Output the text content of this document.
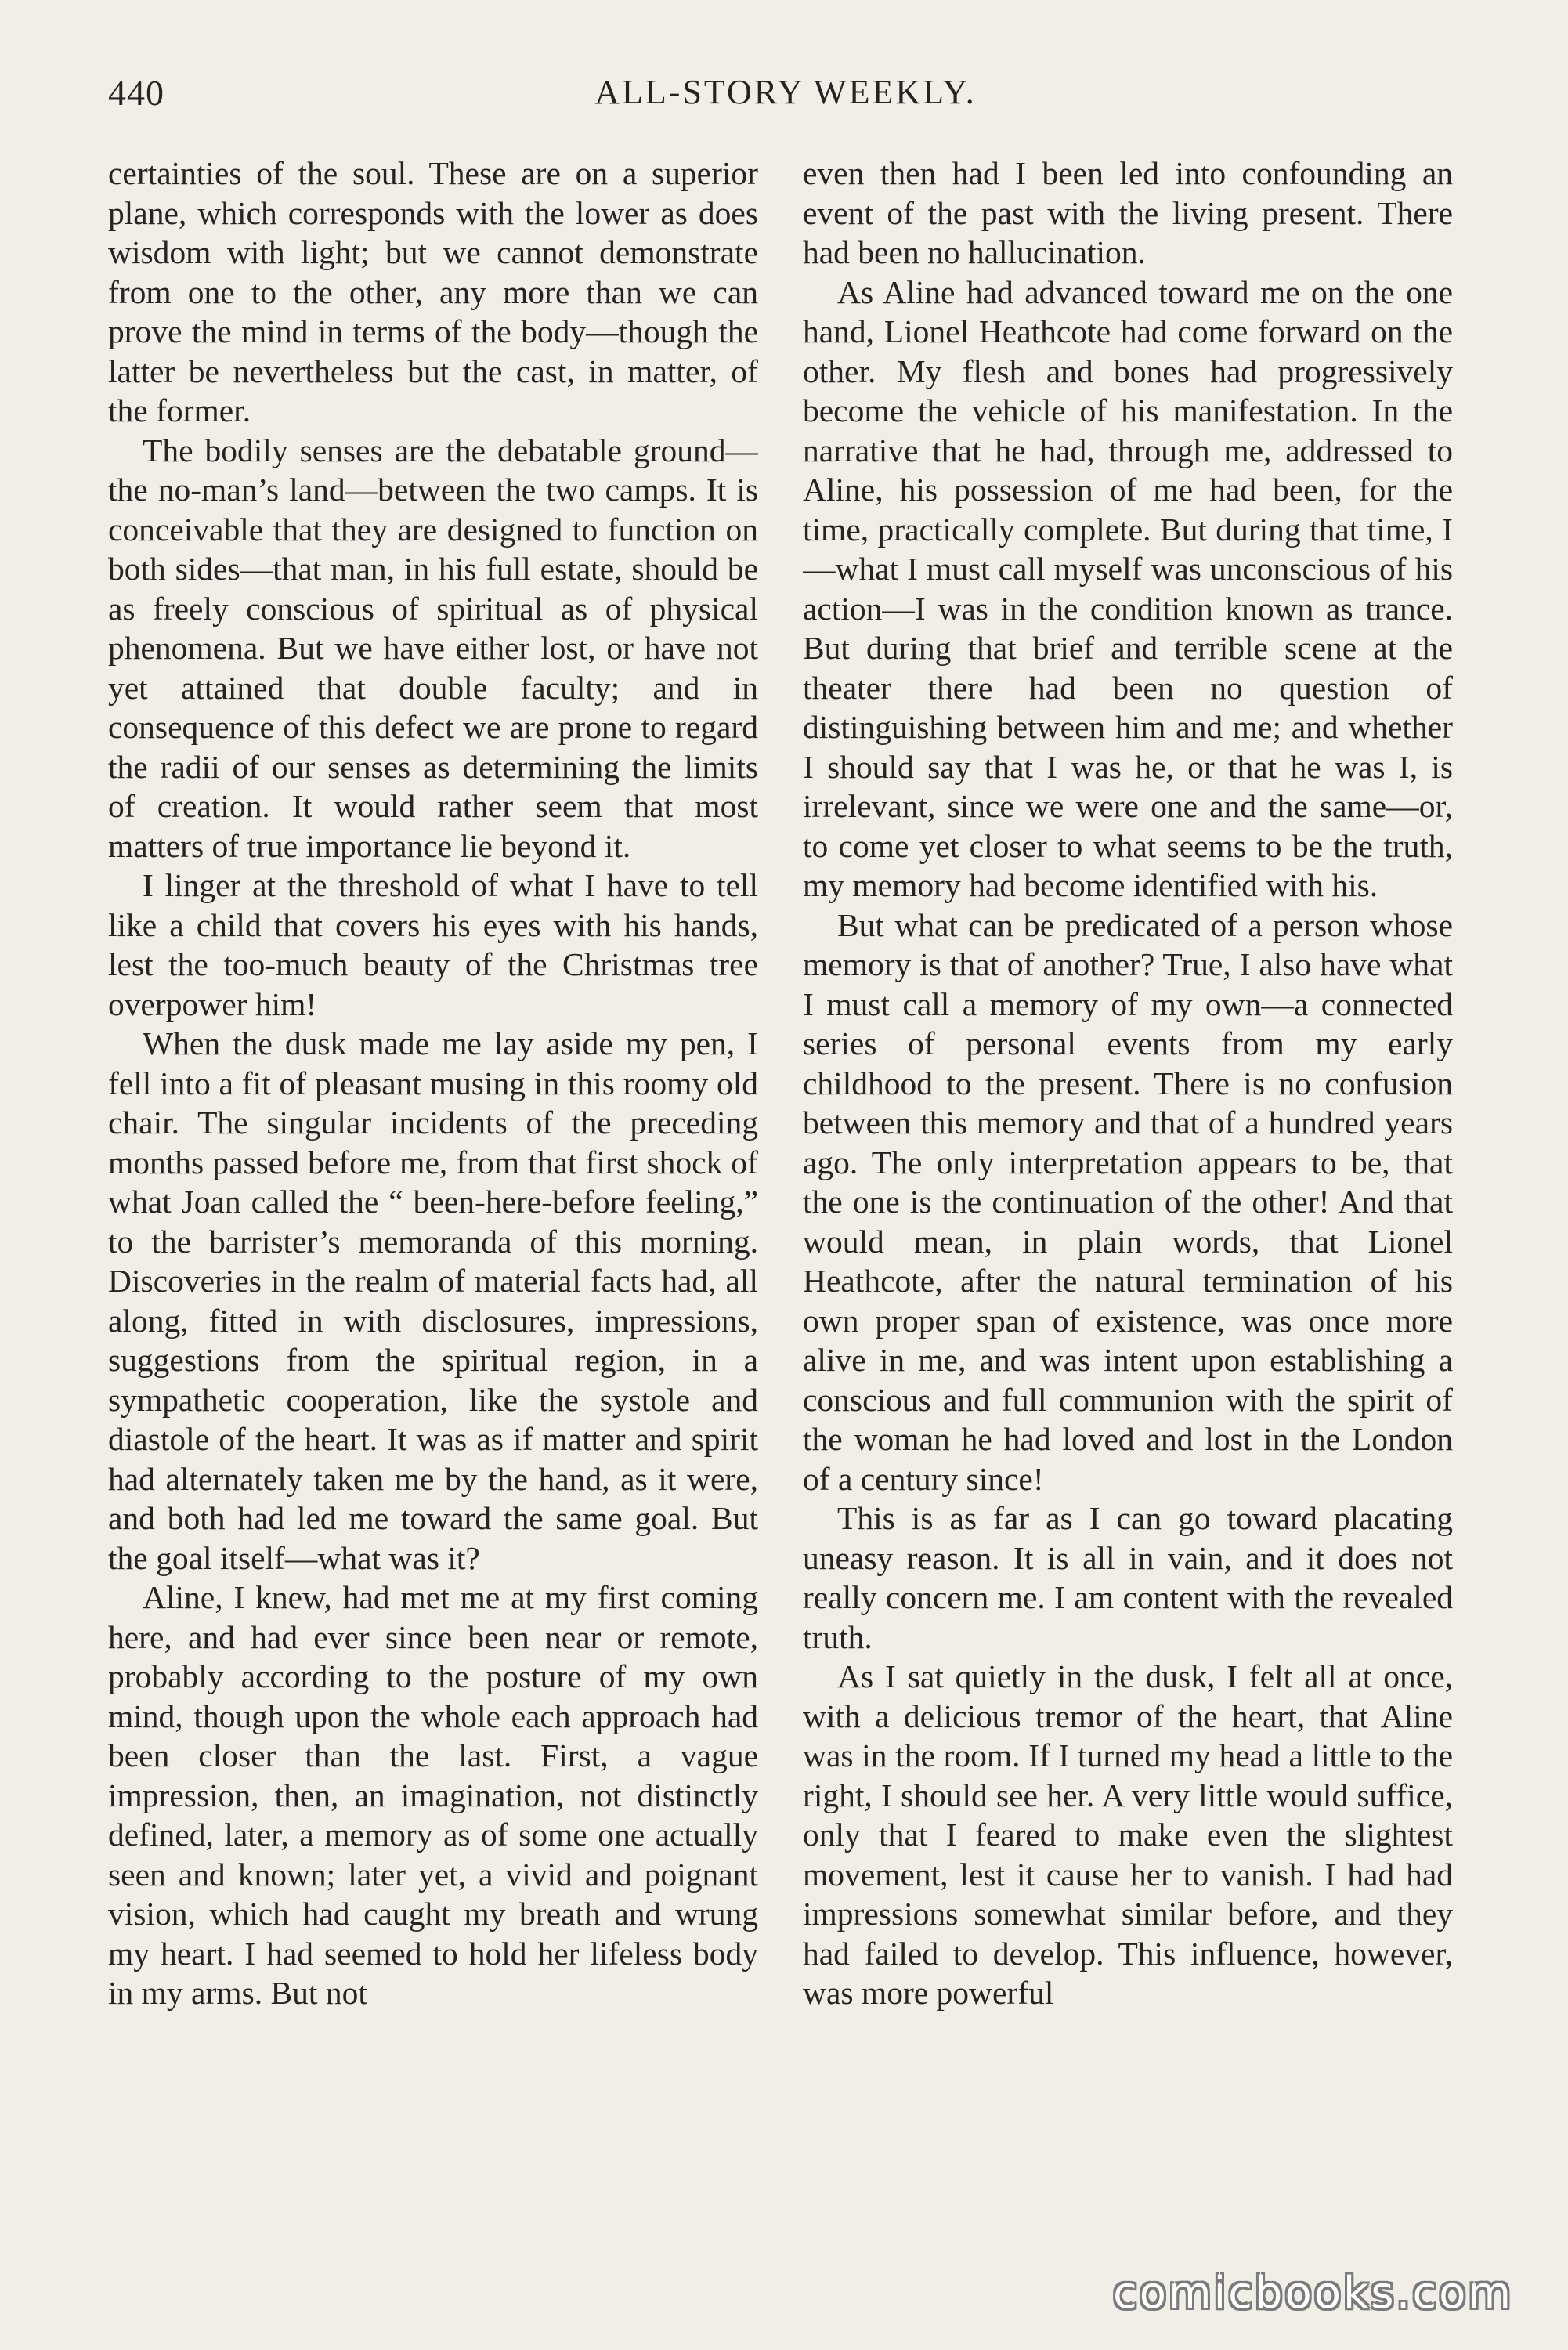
440	ALL-STORY WEEKLY.

certainties of the soul. These are on a superior plane, which corresponds with the lower as does wisdom with light; but we cannot demonstrate from one to the other, any more than we can prove the mind in terms of the body—though the latter be nevertheless but the cast, in matter, of the former.

The bodily senses are the debatable ground—the no-man’s land—between the two camps. It is conceivable that they are designed to function on both sides—that man, in his full estate, should be as freely conscious of spiritual as of physical phenomena. But we have either lost, or have not yet attained that double faculty; and in consequence of this defect we are prone to regard the radii of our senses as determining the limits of creation. It would rather seem that most matters of true importance lie beyond it.

I linger at the threshold of what I have to tell like a child that covers his eyes with his hands, lest the too-much beauty of the Christmas tree overpower him!

When the dusk made me lay aside my pen, I fell into a fit of pleasant musing in this roomy old chair. The singular incidents of the preceding months passed before me, from that first shock of what Joan called the “ been-here-before feeling,” to the barrister’s memoranda of this morning. Discoveries in the realm of material facts had, all along, fitted in with disclosures, impressions, suggestions from the spiritual region, in a sympathetic cooperation, like the systole and diastole of the heart. It was as if matter and spirit had alternately taken me by the hand, as it were, and both had led me toward the same goal. But the goal itself—what was it?

Aline, I knew, had met me at my first coming here, and had ever since been near or remote, probably according to the posture of my own mind, though upon the whole each approach had been closer than the last. First, a vague impression, then, an imagination, not distinctly defined, later, a memory as of some one actually seen and known; later yet, a vivid and poignant vision, which had caught my breath and wrung my heart. I had seemed to hold her lifeless body in my arms. But not

even then had I been led into confounding an event of the past with the living present. There had been no hallucination.

As Aline had advanced toward me on the one hand, Lionel Heathcote had come forward on the other. My flesh and bones had progressively become the vehicle of his manifestation. In the narrative that he had, through me, addressed to Aline, his possession of me had been, for the time, practically complete. But during that time, I—what I must call myself was unconscious of his action—I was in the condition known as trance. But during that brief and terrible scene at the theater there had been no question of distinguishing between him and me; and whether I should say that I was he, or that he was I, is irrelevant, since we were one and the same—or, to come yet closer to what seems to be the truth, my memory had become identified with his.

But what can be predicated of a person whose memory is that of another? True, I also have what I must call a memory of my own—a connected series of personal events from my early childhood to the present. There is no confusion between this memory and that of a hundred years ago. The only interpretation appears to be, that the one is the continuation of the other! And that would mean, in plain words, that Lionel Heathcote, after the natural termination of his own proper span of existence, was once more alive in me, and was intent upon establishing a conscious and full communion with the spirit of the woman he had loved and lost in the London of a century since!

This is as far as I can go toward placating uneasy reason. It is all in vain, and it does not really concern me. I am content with the revealed truth.

As I sat quietly in the dusk, I felt all at once, with a delicious tremor of the heart, that Aline was in the room. If I turned my head a little to the right, I should see her. A very little would suffice, only that I feared to make even the slightest movement, lest it cause her to vanish. I had had impressions somewhat similar before, and they had failed to develop. This influence, however, was more powerful

comicbooks.com
